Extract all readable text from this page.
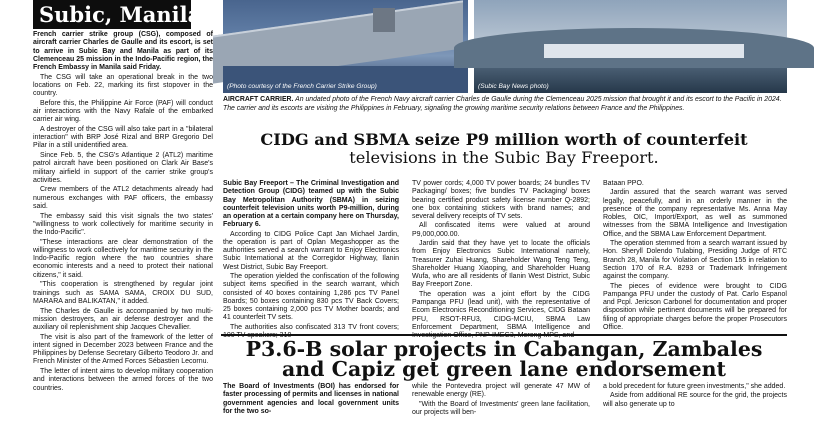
Subic, Manila

French carrier strike group (CSG), composed of aircraft carrier Charles de Gaulle and its escort, is set to arrive in Subic Bay and Manila as part of its Clemenceau 25 mission in the Indo-Pacific region, the French Embassy in Manila said Friday.

The CSG will take an operational break in the two locations on Feb. 22, marking its first stopover in the country.

Before this, the Philippine Air Force (PAF) will conduct air interactions with the Navy Rafale of the embarked carrier air wing.

A destroyer of the CSG will also take part in a "bilateral interaction" with BRP José Rizal and BRP Gregorio Del Pilar in a still unidentified area.

Since Feb. 5, the CSG's Atlantique 2 (ATL2) maritime patrol aircraft have been positioned on Clark Air Base's military airfield in support of the carrier strike group's activities.

Crew members of the ATL2 detachments already had numerous exchanges with PAF officers, the embassy said.

The embassy said this visit signals the two states' "willingness to work collectively for maritime security in the Indo-Pacific".

"These interactions are clear demonstration of the willingness to work collectively for maritime security in the Indo-Pacific region where the two countries share economic interests and a need to protect their national citizens," it said.

"This cooperation is strengthened by regular joint trainings such as SAMA SAMA, CROIX DU SUD, MARARA and BALIKATAN," it added.

The Charles de Gaulle is accompanied by two multi-mission destroyers, an air defense destroyer and the auxiliary oil replenishment ship Jacques Chevallier.

The visit is also part of the framework of the letter of intent signed in December 2023 between France and the Philippines by Defense Secretary Gilberto Teodoro Jr. and French Minister of the Armed Forces Sébastien Lecornu.

The letter of intent aims to develop military cooperation and interactions between the armed forces of the two countries.

(Photo courtesy of the French Carrier Strike Group)	(Subic Bay News photo)
AIRCRAFT CARRIER. An undated photo of the French Navy aircraft carrier Charles de Gaulle during the Clemenceau 2025 mission that brought it and its escort to the Pacific in 2024. The carrier and its escorts are visiting the Philippines in February, signaling the growing maritime security relations between France and the Philippines.
CIDG and SBMA seize P9 million worth of counterfeit
televisions in the Subic Bay Freeport.

Subic Bay Freeport – The Criminal Investigation and Detection Group (CIDG) teamed up with the Subic Bay Metropolitan Authority (SBMA) in seizing counterfeit television units worth P9-million, during an operation at a certain company here on Thursday, February 6.

According to CIDG Police Capt Jan Michael Jardin, the operation is part of Oplan Megashopper as the authorities served a search warrant to Enjoy Electronics Subic International at the Corregidor Highway, Ilanin West District, Subic Bay Freeport.

The operation yielded the confiscation of the following subject items specified in the search warrant, which consisted of 40 boxes containing 1,286 pcs TV Panel Boards; 50 boxes containing 830 pcs TV Back Covers; 25 boxes containing 2,000 pcs TV Mother boards; and 41 counterfeit TV sets.

The authorities also confiscated 313 TV front covers;

TV power cords; 4,000 TV power boards; 24 bundles TV Packaging/ boxes; five bundles TV Packaging/ boxes bearing certified product safety license number Q-2892; one box containing stickers with brand names; and several delivery receipts of TV sets.

All confiscated items were valued at around P9,000,000.00.

Jardin said that they have yet to locate the officials from Enjoy Electronics Subic International namely, Treasurer Zuhai Huang, Shareholder Wang Teng Teng, Shareholder Huang Xiaoping, and Shareholder Huang Wufa, who are all residents of Ilanin West District, Subic Bay Freeport Zone.

The operation was a joint effort by the CIDG Pampanga PFU (lead unit), with the representative of Ecom Electronics Reconditioning Services, CIDG Bataan PFU, RSOT-RFU3, CIDG-MCIU, SBMA Law Enforcement Department, SBMA Intelligence and

Bataan PPO.

Jardin assured that the search warrant was served legally, peacefully, and in an orderly manner in the presence of the company representative Ms. Anna May Robles, OIC, Import/Export, as well as summoned witnesses from the SBMA Intelligence and Investigation Office, and the SBMA Law Enforcement Department.

The operation stemmed from a search warrant issued by Hon. Sheryll Dolendo Tulabing, Presiding Judge of RTC Branch 28, Manila for Violation of Section 155 in relation to Section 170 of R.A. 8293 or Trademark Infringement against the company.

The pieces of evidence were brought to CIDG Pampanga PFU under the custody of Pat. Carlo Espanol and Pcpl. Jericson Carbonel for documentation and proper disposition while pertinent documents will be prepared for filing of appropriate charges before the proper Prosecutors Office.

P3.6-B solar projects in Cabangan, Zambales
and Capiz get green lane endorsement

The Board of Investments (BOI) has endorsed for faster processing of permits and licenses in national government agencies and local government units for the two so-

while the Pontevedra project will generate 47 MW of renewable energy (RE).

"With the Board of Investments' green lane facilitation, our projects will ben-

a bold precedent for future green investments," she added.

Aside from additional RE source for the grid, the projects will also generate up to
